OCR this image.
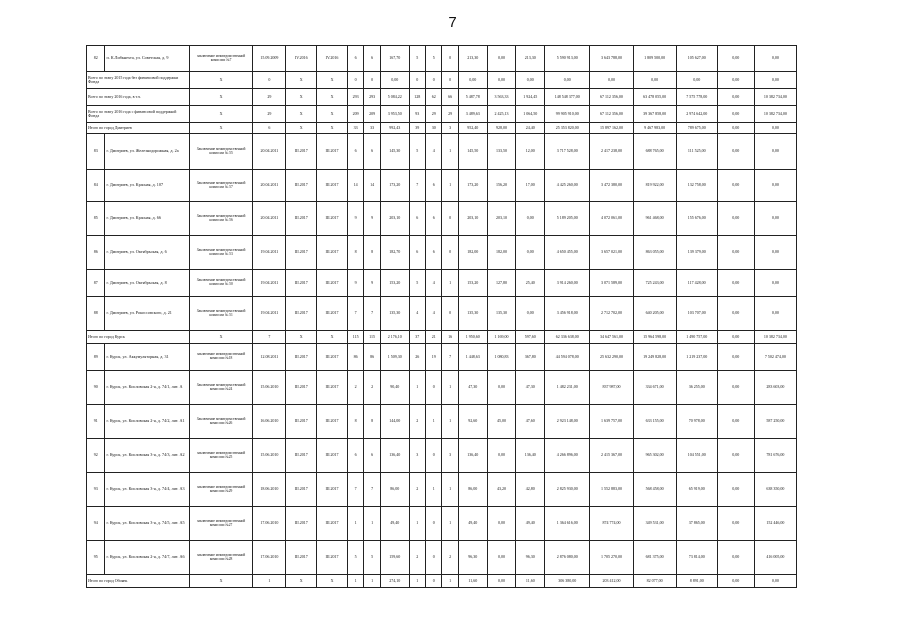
7
82	п. К.Либкнехта, ул. Советская, д. 9	заключение межведомственной комиссии №7	15.09.2009	IV.2016	IV.2016	6	6	167,70	5	5	0	213,30	0,00	213,30	5 590 913,00	3 643 788,00	1 809 500,00	105 627,00	0,00	0,00
Всего по этапу 2015 года без финансовой поддержки Фонда		X	0	X	X	0	0	0,00	0	0	0	0,00	0,00	0,00	0,00	0,00	0,00	0,00	0,00	0,00
Всего по этапу 2016 года, в т.ч.		X	29	X	X	293	293	5 084,22	128	62	66	5 487,78	3 563,33	1 924,45	148 548 377,00	67 112 356,00	63 478 055,00	7 575 778,00	0,00	10 382 734,00
Всего по этапу 2016 года с финансовой поддержкой Фонда		X	29	X	X	209	209	3 953,50	93	29	29	3 489,63	2 425,13	1 064,50	99 905 910,00	67 112 356,00	39 367 858,00	2 974 642,00	0,00	10 382 734,00
Итого по город Дмитриев		X	6	X	X	33	33	992,43	39	30	3	952,40	928,00	24,40	25 353 820,00	15 897 162,00	9 467 983,00	789 675,00	0,00	0,00
83	г. Дмитриев, ул. Железнодорожная, д. 2а	Заключение межведомственной комиссии № 55	20.04.2011	III.2017	III.2017	6	6	145,30	5	4	1	145,50	133,50	12,00	3 717 528,00	2 417 238,00	688 765,00	111 525,00	0,00	0,00
84	г. Дмитриев, ул. Красная, д. 107	Заключение межведомственной комиссии № 57	20.04.2011	III.2017	III.2017	14	14	173,20	7	6	1	173,20	156,20	17,00	4 425 260,00	3 472 380,00	819 922,00	132 758,00	0,00	0,00
85	г. Дмитриев, ул. Красная, д. 66	Заключение межведомственной комиссии № 56	20.04.2011	III.2017	III.2017	9	9	203,10	6	6	0	203,10	203,10	0,00	5 189 205,00	4 072 061,00	961 468,00	155 676,00	0,00	0,00
86	г. Дмитриев, ул. Октябрьская, д. 6	Заключение межведомственной комиссии № 53	19.04.2011	III.2017	III.2017	8	8	182,70	6	6	0	182,00	182,00	0,00	4 650 455,00	3 657 021,00	863 055,00	139 379,00	0,00	0,00
87	г. Дмитриев, ул. Октябрьская, д. 8	Заключение межведомственной комиссии № 50	19.04.2011	III.2017	III.2017	9	9	153,20	5	4	1	153,20	127,80	25,40	3 914 260,00	3 071 589,00	725 243,00	117 428,00	0,00	0,00
88	г. Дмитриев, ул. Рокоссовского, д. 21	Заключение межведомственной комиссии № 51	19.04.2011	III.2017	III.2017	7	7	135,30	4	4	0	135,30	135,30	0,00	3 456 918,00	2 712 702,00	640 205,00	103 707,00	0,00	0,00
Итого по город Курск		X	7	X	X	115	115	2 176,10	37	21	16	1 950,60	1 169,00	597,60	62 336 638,00	34 647 561,00	15 964 598,00	1 490 757,00	0,00	10 382 734,00
89	г. Курск, ул. Аккумуляторная, д. 31	заключение межведомственной комиссии №18	12.08.2011	III.2017	III.2017	86	86	1 509,30	26	19	7	1 448,63	1 080,83	367,80	44 594 078,00	25 632 290,00	19 249 828,00	1 219 237,00	0,00	7 502 474,00
90	г. Курск, ул. Кисловская 2-я, д. 74/1, лит. А	Заключение межведомственной комиссии №24	15.06.2010	III.2017	III.2017	2	2	90,40	1	0	1	47,30	0,00	47,30	1 482 231,00	837 987,00	334 671,00	36 255,00	0,00	283 603,00
91	г. Курск, ул. Кисловская 2-я, д. 74/2, лит. А1	Заключение межведомственной комиссии №26	16.06.2010	III.2017	III.2017	8	8	144,00	2	1	1	92,60	45,00	47,60	2 923 148,00	1 639 757,00	633 155,00	70 978,00	0,00	587 250,00
92	г. Курск, ул. Кисловская 3-я, д. 74/3, лит. А2	заключение межведомственной комиссии №25	15.06.2010	III.2017	III.2017	6	6	136,40	3	0	3	136,40	0,00	136,40	4 266 896,00	2 415 367,00	965 302,00	104 551,00	0,00	781 676,00
93	г. Курск, ул. Кисловская 3-я, д. 74/4, лит. А3	заключение межведомственной комиссии №29	18.06.2010	III.2017	III.2017	7	7	86,00	2	1	1	86,00	43,20	42,80	2 825 930,00	1 552 883,00	568 458,00	65 919,00	0,00	638 350,00
94	г. Курск, ул. Кисловская 3-я, д. 74/5, лит. А5	заключение межведомственной комиссии №27	17.06.2010	III.2017	III.2017	1	1	49,40	1	0	1	49,40	0,00	49,40	1 364 616,00	874 774,00	349 531,00	37 865,00	0,00	152 446,00
95	г. Курск, ул. Кисловская 2-я, д. 74/7, лит. А6	заключение межведомственной комиссии №28	17.06.2010	III.2017	III.2017	5	5	159,60	2	0	2	96,30	0,00	96,30	2 876 080,00	1 705 270,00	681 375,00	73 814,00	0,00	416 005,00
Итого по город Обоянь		X	1	X	X	1	1	274,10	1	0	1	11,60	0,00	11,60	306 380,00	203 412,00	82 077,00	8 891,00	0,00	0,00
